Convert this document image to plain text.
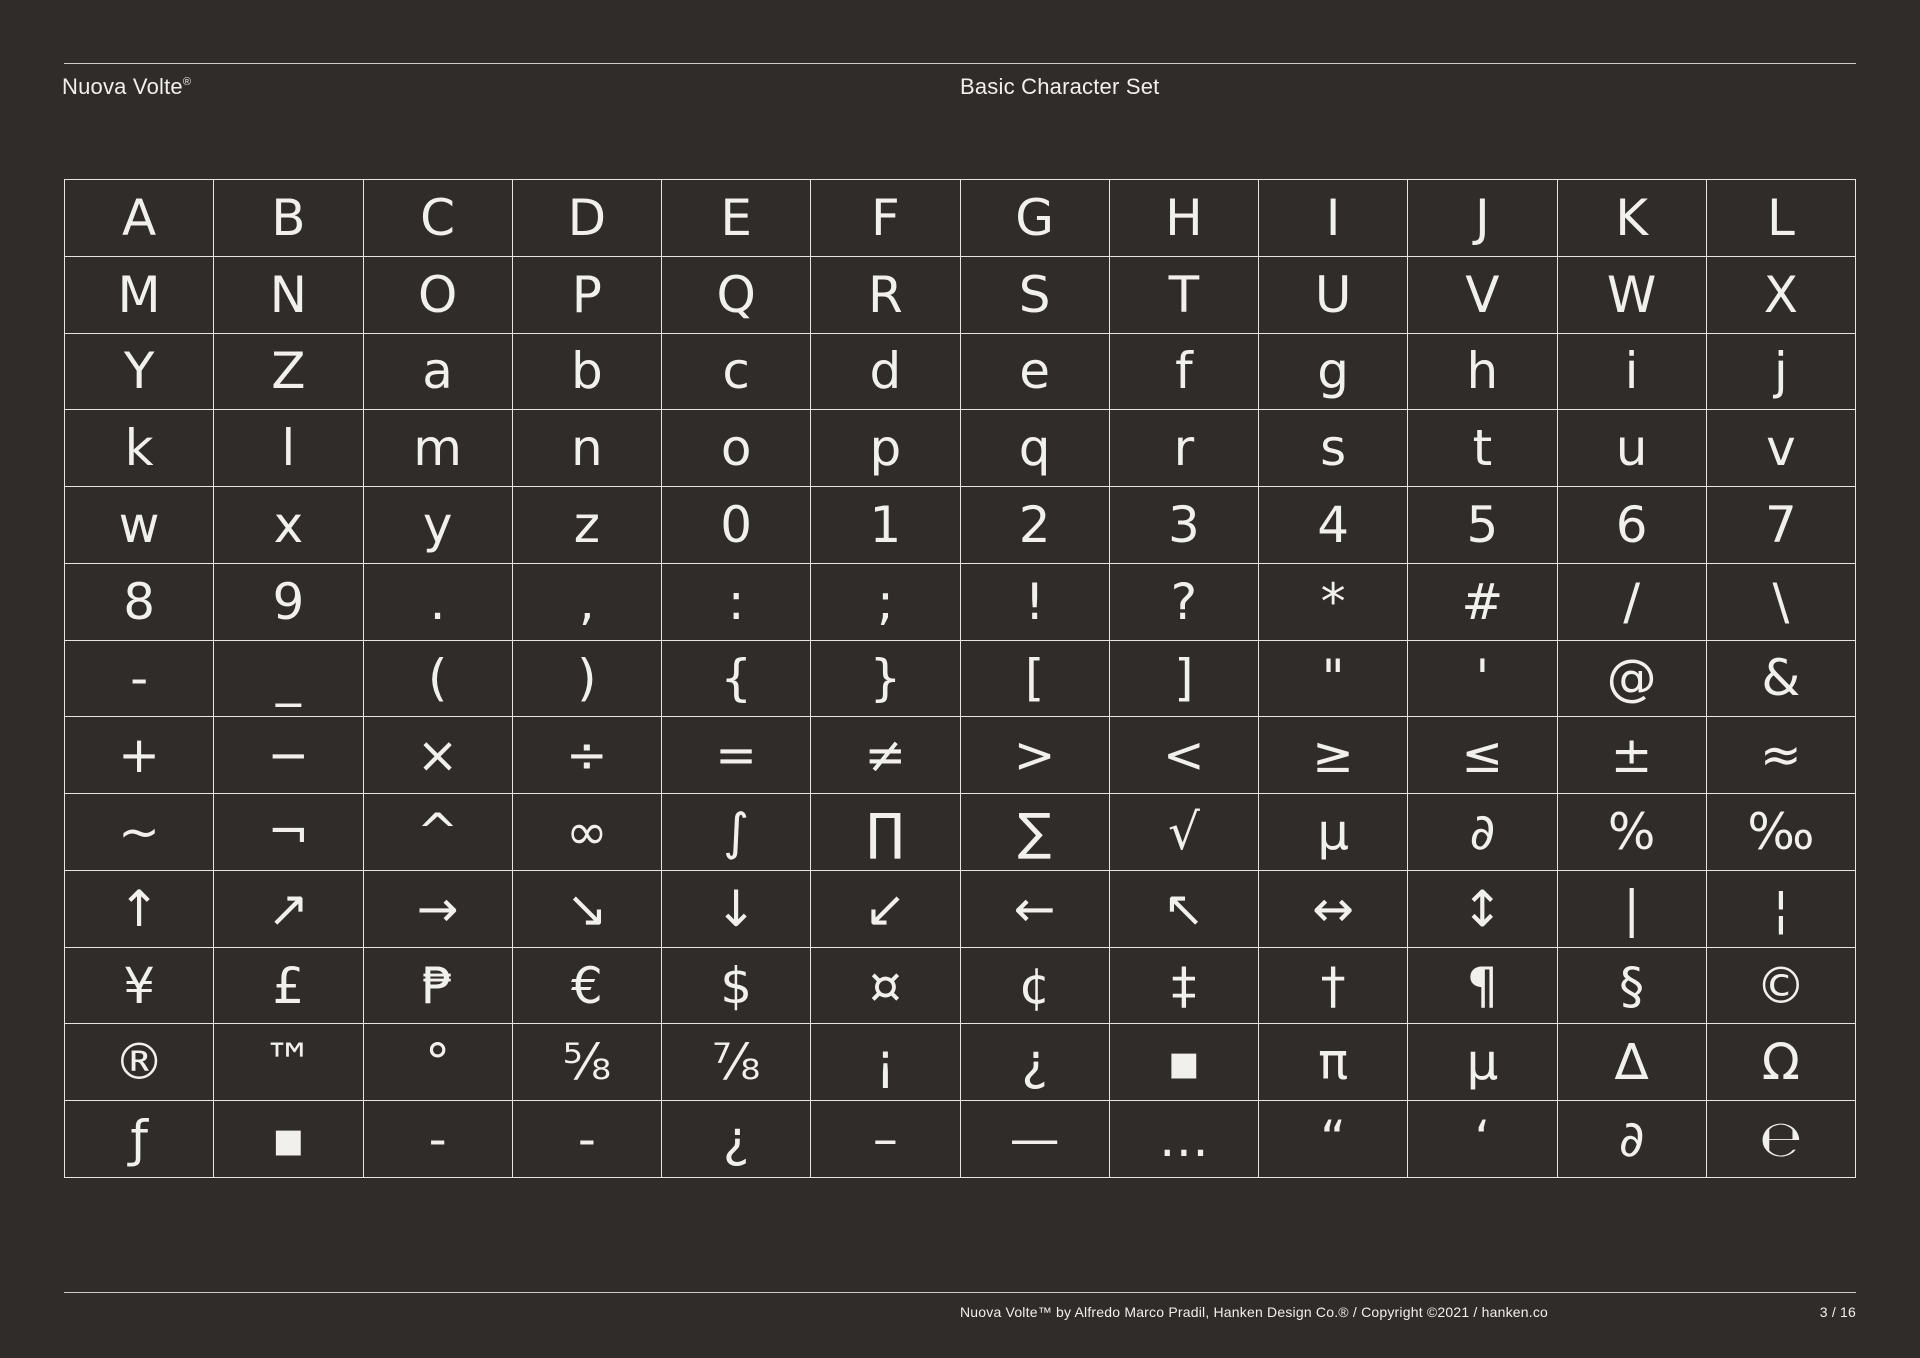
Nuova Volte®	Basic Character Set
A B C D E F G H I	J	K L
M N O P Q R S T U V W X
Y Z a b c d e	f g h	i	j
k	l m n o p q r	s	t u v
w x y z 0 1 2 3 4 5 6 7
8 9	.	,	:	;	!	? * # /	\
-	_	(	) { } [	]	"	' @ &
+ − × ÷ = ≠ > < ≥ ≤ ± ≈
~ ¬ ^ ∞ ∫ ∏ ∑ √ µ ∂ % ‰
↑ ↗ → ↘ ↓ ↙ ← ↖ ↔ ↕ |	¦
¥ £ ₱ € $ ¤ ¢ ‡ † ¶ § ©
® ™ ° ⅝ ⅞ ¡	¿ ▪ π µ ∆ Ω
ƒ ▪ -	-	¿ – — … “	‘	∂ ℮
Nuova Volte™ by Alfredo Marco Pradil, Hanken Design Co.® / Copyright ©2021 / hanken.co	3 / 16
